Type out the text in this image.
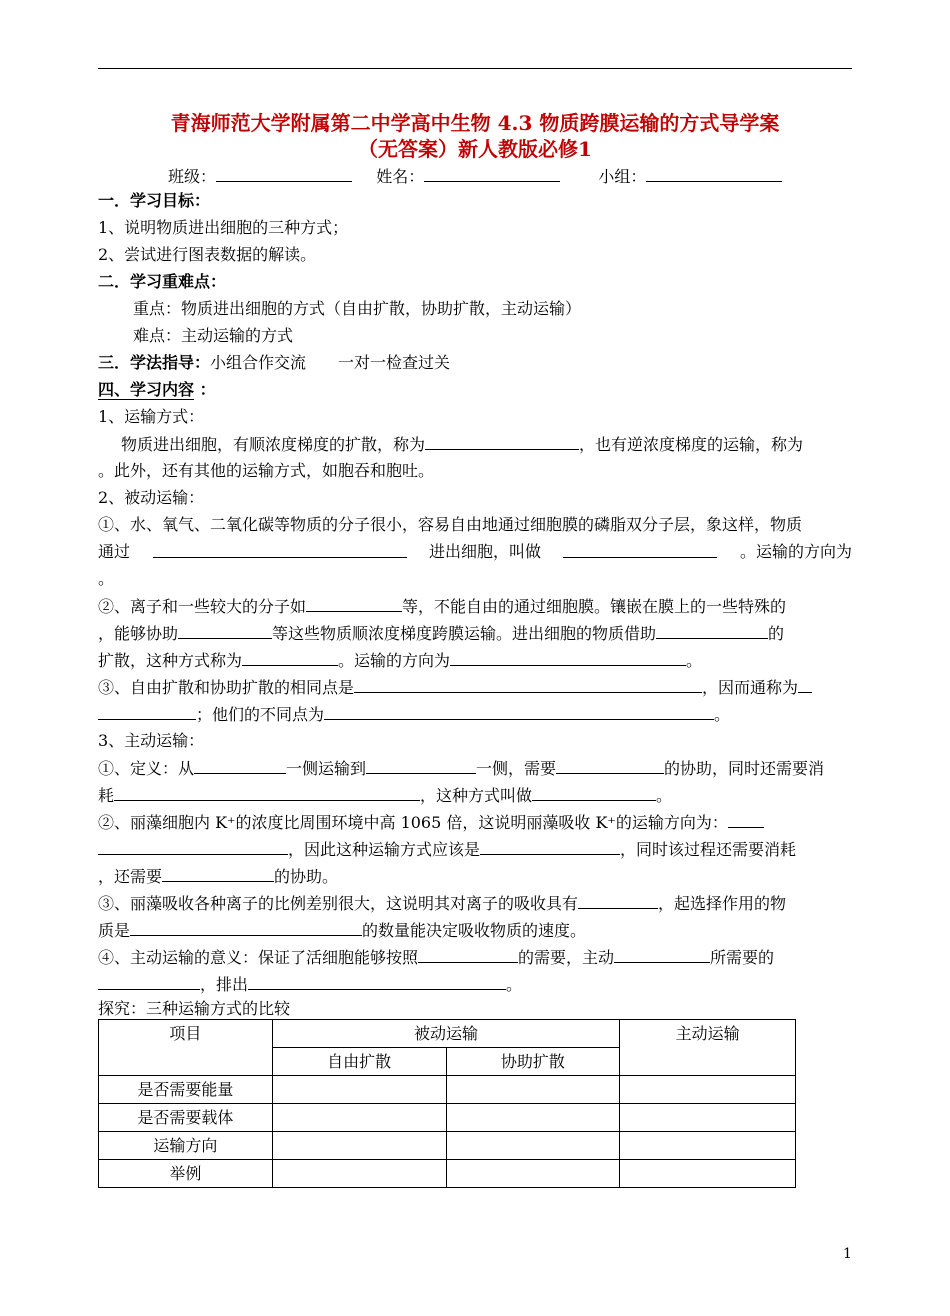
青海师范大学附属第二中学高中生物 4.3 物质跨膜运输的方式导学案
（无答案）新人教版必修1
班级：	姓名：	小组：
一．学习目标：
1、说明物质进出细胞的三种方式；
2、尝试进行图表数据的解读。
二．学习重难点：
重点：物质进出细胞的方式（自由扩散，协助扩散，主动运输）
难点：主动运输的方式
三．学法指导：小组合作交流　　一对一检查过关
四、学习内容 ：
1、运输方式：
物质进出细胞，有顺浓度梯度的扩散，称为	，也有逆浓度梯度的运输，称为
。此外，还有其他的运输方式，如胞吞和胞吐。
2、被动运输：
①、水、氧气、二氧化碳等物质的分子很小，容易自由地通过细胞膜的磷脂双分子层，象这样，物质
通过	进出细胞，叫做	。运输的方向为
。
②、离子和一些较大的分子如	等，不能自由的通过细胞膜。镶嵌在膜上的一些特殊的
，能够协助	等这些物质顺浓度梯度跨膜运输。进出细胞的物质借助	的
扩散，这种方式称为	。运输的方向为	。
③、自由扩散和协助扩散的相同点是	，因而通称为
；他们的不同点为	。
3、主动运输：
①、定义：从	一侧运输到	一侧，需要	的协助，同时还需要消
耗	，这种方式叫做	。
②、丽藻细胞内 K⁺的浓度比周围环境中高 1065 倍，这说明丽藻吸收 K⁺的运输方向为：
，因此这种运输方式应该是	，同时该过程还需要消耗
，还需要	的协助。
③、丽藻吸收各种离子的比例差别很大，这说明其对离子的吸收具有	，起选择作用的物
质是	的数量能决定吸收物质的速度。
④、主动运输的意义：保证了活细胞能够按照	的需要，主动	所需要的
，排出	。
探究：三种运输方式的比较
项目	被动运输		主动运输
	自由扩散	协助扩散	
是否需要能量			
是否需要载体			
运输方向			
举例			
1
